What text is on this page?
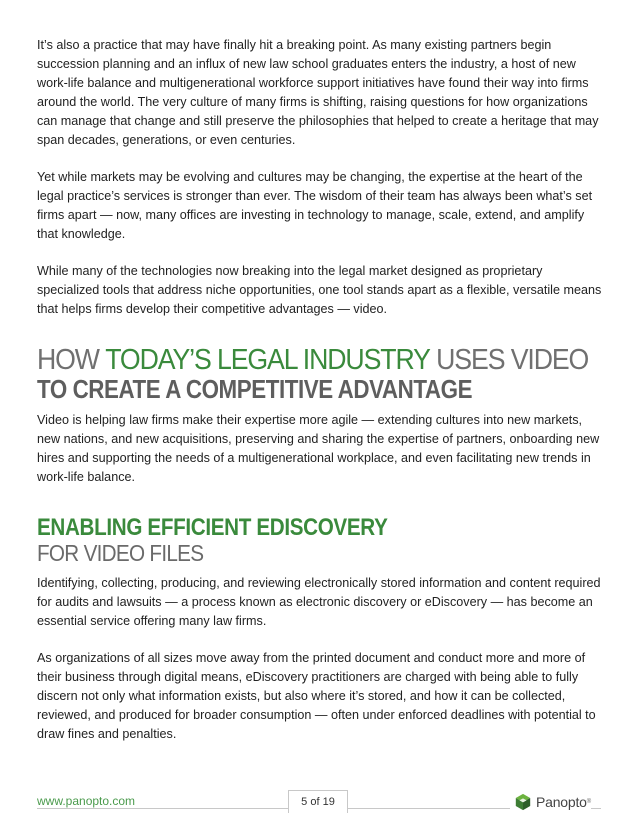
It’s also a practice that may have finally hit a breaking point. As many existing partners begin succession planning and an influx of new law school graduates enters the industry, a host of new work-life balance and multigenerational workforce support initiatives have found their way into firms around the world. The very culture of many firms is shifting, raising questions for how organizations can manage that change and still preserve the philosophies that helped to create a heritage that may span decades, generations, or even centuries.

Yet while markets may be evolving and cultures may be changing, the expertise at the heart of the legal practice’s services is stronger than ever. The wisdom of their team has always been what’s set firms apart — now, many offices are investing in technology to manage, scale, extend, and amplify that knowledge.

While many of the technologies now breaking into the legal market designed as proprietary specialized tools that address niche opportunities, one tool stands apart as a flexible, versatile means that helps firms develop their competitive advantages — video.

HOW TODAY’S LEGAL INDUSTRY USES VIDEO
TO CREATE A COMPETITIVE ADVANTAGE

Video is helping law firms make their expertise more agile — extending cultures into new markets, new nations, and new acquisitions, preserving and sharing the expertise of partners, onboarding new hires and supporting the needs of a multigenerational workplace, and even facilitating new trends in work-life balance.

ENABLING EFFICIENT EDISCOVERY
FOR VIDEO FILES

Identifying, collecting, producing, and reviewing electronically stored information and content required for audits and lawsuits — a process known as electronic discovery or eDiscovery — has become an essential service offering many law firms.

As organizations of all sizes move away from the printed document and conduct more and more of their business through digital means, eDiscovery practitioners are charged with being able to fully discern not only what information exists, but also where it’s stored, and how it can be collected, reviewed, and produced for broader consumption — often under enforced deadlines with potential to draw fines and penalties.

www.panopto.com	5 of 19	Panopto ®
